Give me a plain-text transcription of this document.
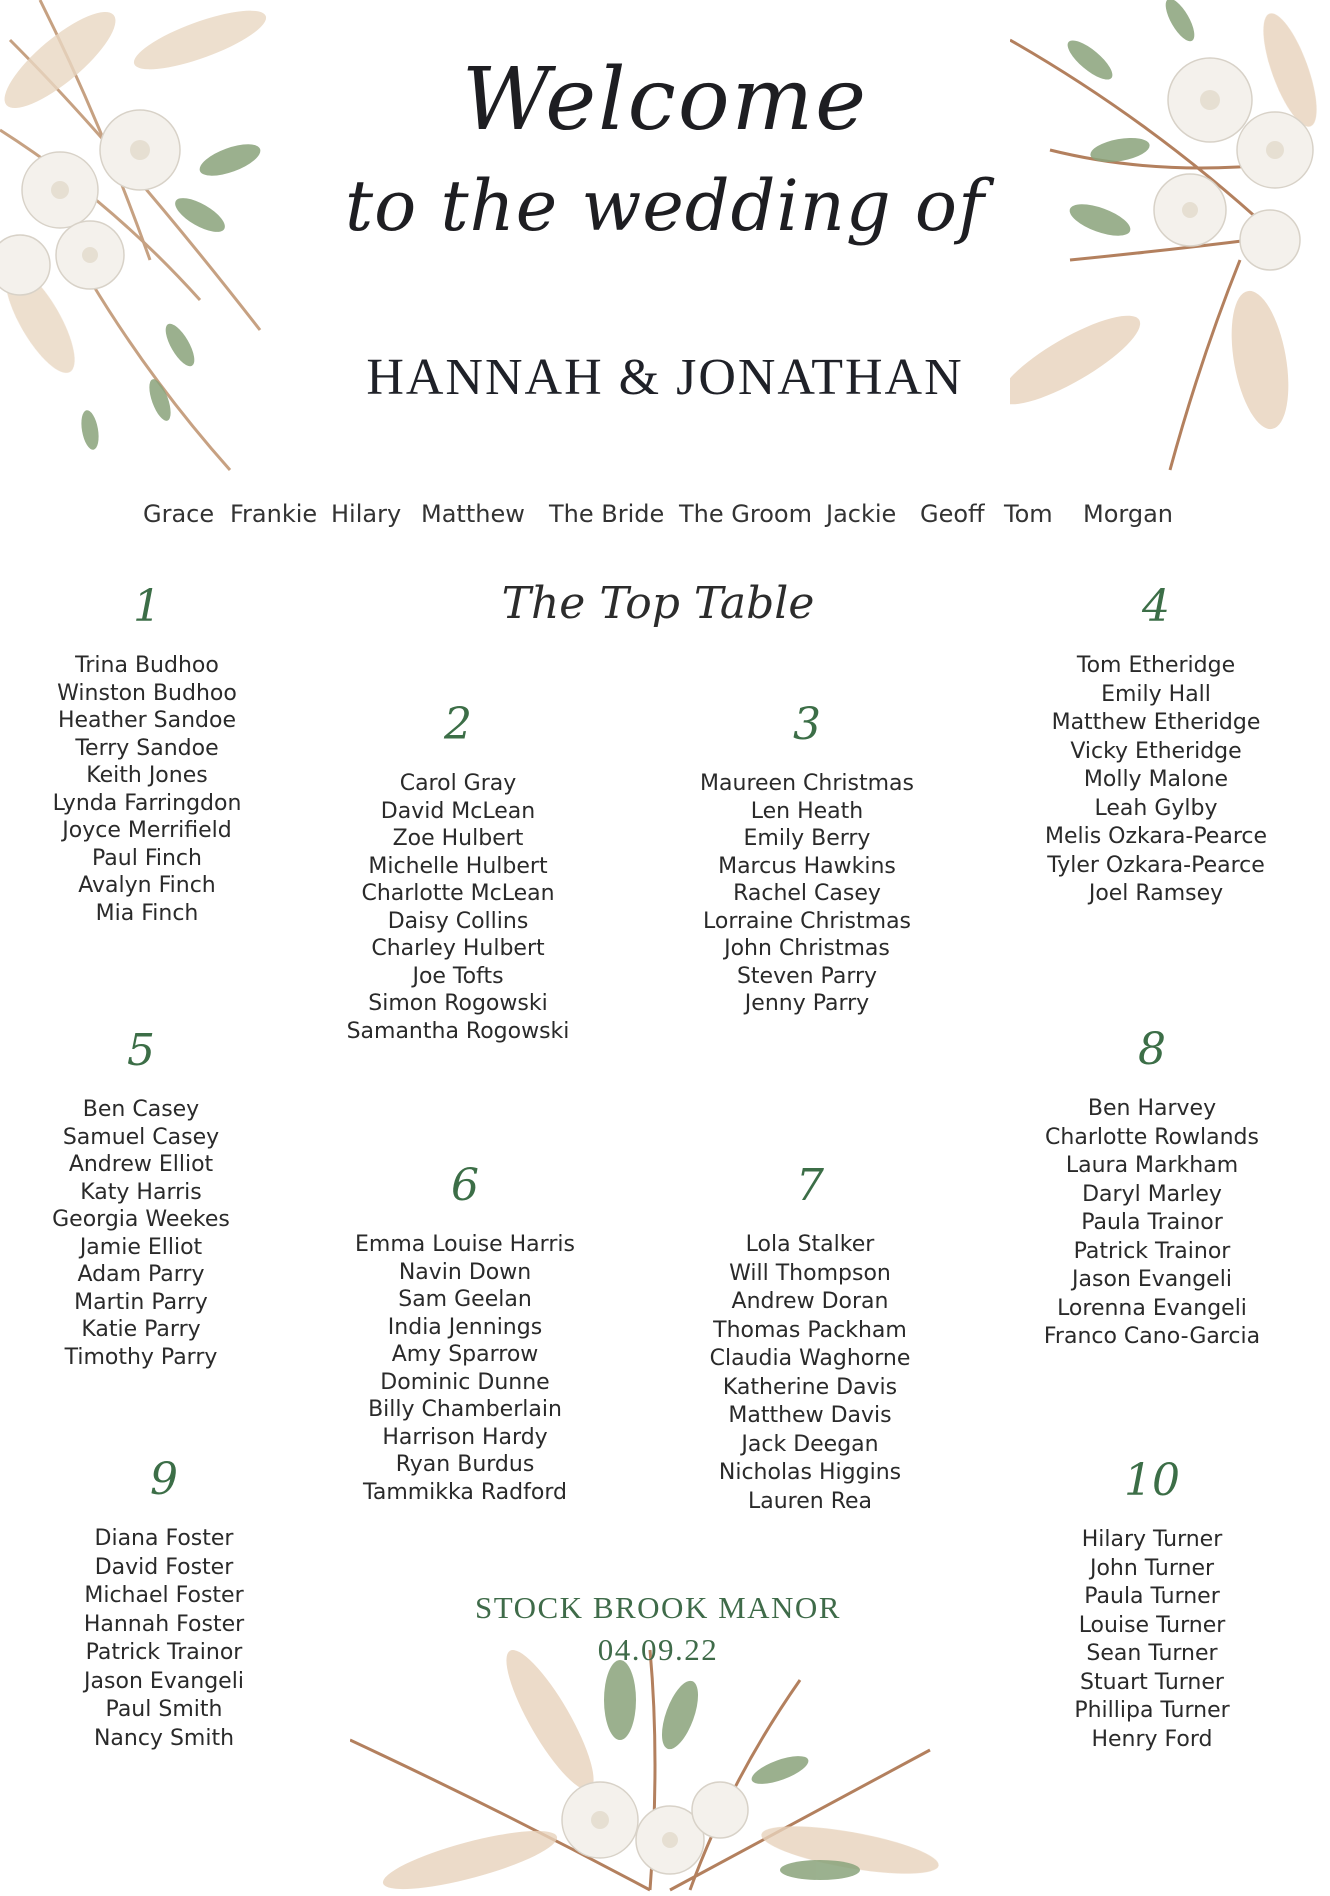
Welcome
to the wedding of
HANNAH & JONATHAN
Grace Frankie Hilary Matthew The Bride The Groom Jackie Geoff Tom Morgan
The Top Table
1
Trina Budhoo
Winston Budhoo
Heather Sandoe
Terry Sandoe
Keith Jones
Lynda Farringdon
Joyce Merrifield
Paul Finch
Avalyn Finch
Mia Finch
2
Carol Gray
David McLean
Zoe Hulbert
Michelle Hulbert
Charlotte McLean
Daisy Collins
Charley Hulbert
Joe Tofts
Simon Rogowski
Samantha Rogowski
3
Maureen Christmas
Len Heath
Emily Berry
Marcus Hawkins
Rachel Casey
Lorraine Christmas
John Christmas
Steven Parry
Jenny Parry
4
Tom Etheridge
Emily Hall
Matthew Etheridge
Vicky Etheridge
Molly Malone
Leah Gylby
Melis Ozkara-Pearce
Tyler Ozkara-Pearce
Joel Ramsey
5
Ben Casey
Samuel Casey
Andrew Elliot
Katy Harris
Georgia Weekes
Jamie Elliot
Adam Parry
Martin Parry
Katie Parry
Timothy Parry
6
Emma Louise Harris
Navin Down
Sam Geelan
India Jennings
Amy Sparrow
Dominic Dunne
Billy Chamberlain
Harrison Hardy
Ryan Burdus
Tammikka Radford
7
Lola Stalker
Will Thompson
Andrew Doran
Thomas Packham
Claudia Waghorne
Katherine Davis
Matthew Davis
Jack Deegan
Nicholas Higgins
Lauren Rea
8
Ben Harvey
Charlotte Rowlands
Laura Markham
Daryl Marley
Paula Trainor
Patrick Trainor
Jason Evangeli
Lorenna Evangeli
Franco Cano-Garcia
9
Diana Foster
David Foster
Michael Foster
Hannah Foster
Patrick Trainor
Jason Evangeli
Paul Smith
Nancy Smith
10
Hilary Turner
John Turner
Paula Turner
Louise Turner
Sean Turner
Stuart Turner
Phillipa Turner
Henry Ford
STOCK BROOK MANOR
04.09.22
